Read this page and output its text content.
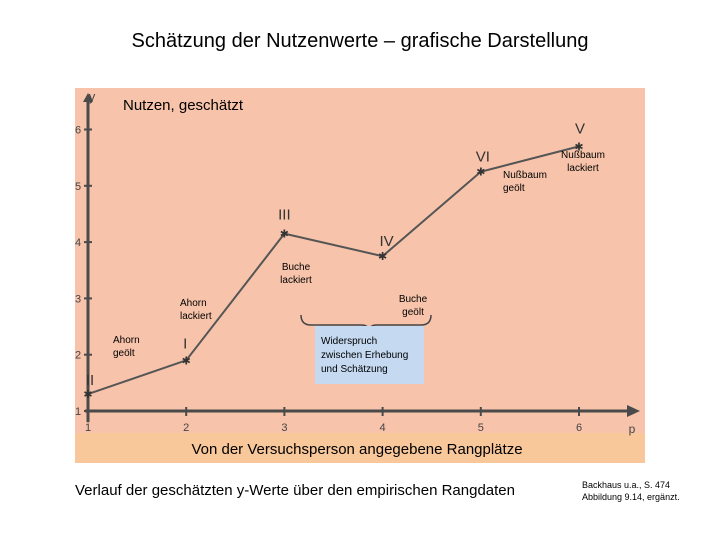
Schätzung der Nutzenwerte – grafische Darstellung
y
p
Nutzen, geschätzt
Von der Versuchsperson angegebene Rangplätze
1
2
3
4
5
6
1	2	3	4	5	6
✱
II
Ahorn
geölt
✱
I
Ahorn
lackiert
✱
III
Buche
lackiert
✱
IV
Buche
geölt
✱
VI
Nußbaum
geölt
✱
V
Nußbaum
lackiert
Widerspruch
zwischen Erhebung
und Schätzung
Verlauf der geschätzten y-Werte über den empirischen Rangdaten	Backhaus u.a., S. 474
Abbildung 9.14, ergänzt.
